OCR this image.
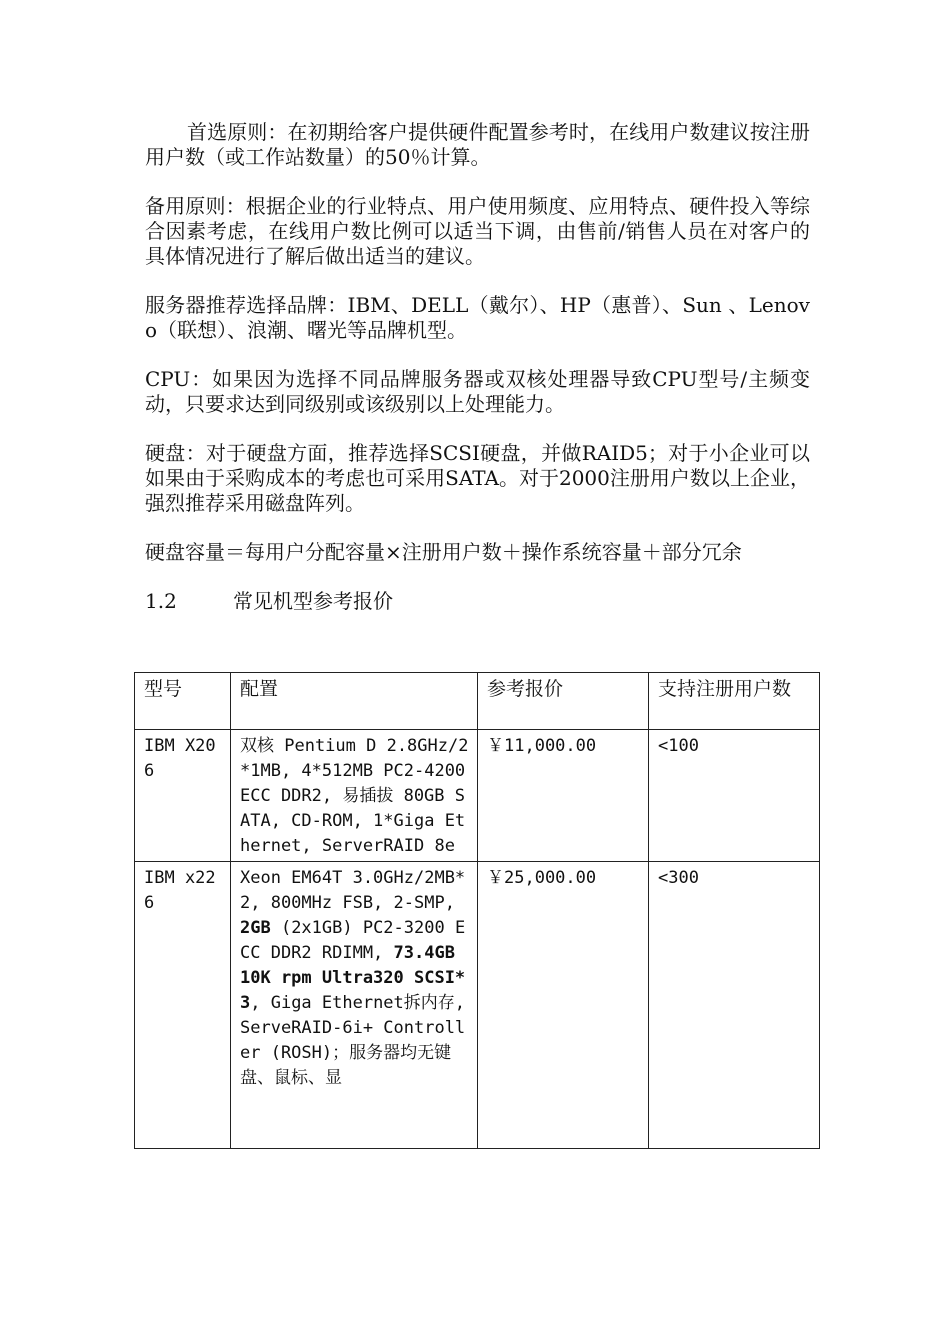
首选原则：在初期给客户提供硬件配置参考时，在线用户数建议按注册用户数（或工作站数量）的50％计算。

备用原则：根据企业的行业特点、用户使用频度、应用特点、硬件投入等综合因素考虑，在线用户数比例可以适当下调，由售前/销售人员在对客户的具体情况进行了解后做出适当的建议。

服务器推荐选择品牌：IBM、DELL（戴尔）、HP（惠普）、Sun 、Lenovo（联想）、浪潮、曙光等品牌机型。

CPU：如果因为选择不同品牌服务器或双核处理器导致CPU型号/主频变动，只要求达到同级别或该级别以上处理能力。

硬盘：对于硬盘方面，推荐选择SCSI硬盘，并做RAID5；对于小企业可以如果由于采购成本的考虑也可采用SATA。对于2000注册用户数以上企业，强烈推荐采用磁盘阵列。

硬盘容量＝每用户分配容量×注册用户数＋操作系统容量＋部分冗余

1.2	常见机型参考报价
型号	配置	参考报价	支持注册用户数
IBM X206	双核 Pentium D 2.8GHz/2*1MB, 4*512MB PC2-4200 ECC DDR2, 易插拔 80GB SATA, CD-ROM, 1*Giga Ethernet, ServerRAID 8e	￥11,000.00	<100
IBM x226	Xeon EM64T 3.0GHz/2MB*2, 800MHz FSB, 2-SMP, 2GB (2x1GB) PC2-3200 ECC DDR2 RDIMM, 73.4GB 10K rpm Ultra320 SCSI*3, Giga Ethernet拆内存,ServeRAID-6i+ Controller (ROSH)；服务器均无键盘、鼠标、显	￥25,000.00	<300
